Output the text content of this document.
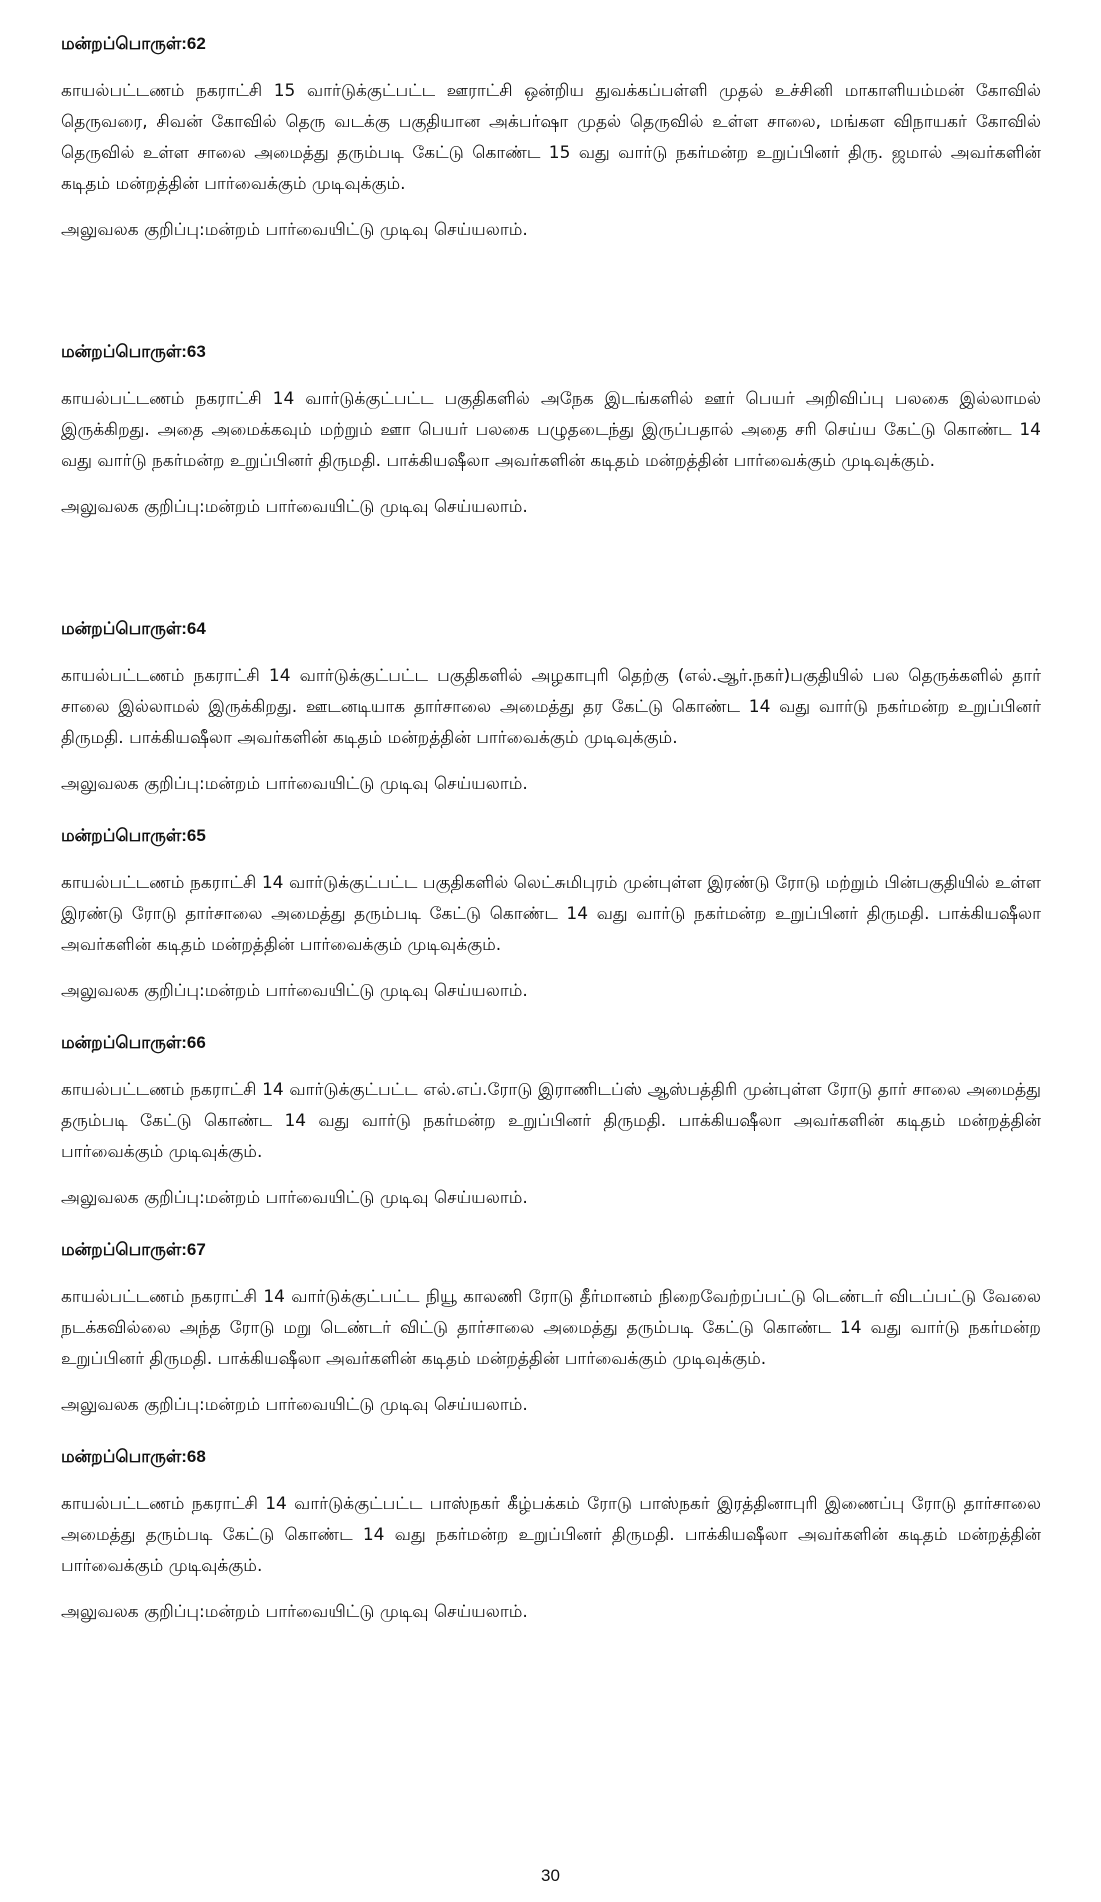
மன்றப்பொருள்:62

காயல்பட்டணம் நகராட்சி 15 வார்டுக்குட்பட்ட ஊராட்சி ஒன்றிய துவக்கப்பள்ளி முதல் உச்சினி மாகாளியம்மன் கோவில் தெருவரை, சிவன் கோவில் தெரு வடக்கு பகுதியான அக்பர்ஷா முதல் தெருவில் உள்ள சாலை, மங்கள விநாயகர் கோவில் தெருவில் உள்ள சாலை அமைத்து தரும்படி கேட்டு கொண்ட 15 வது வார்டு நகர்மன்ற உறுப்பினர் திரு. ஜமால் அவர்களின் கடிதம் மன்றத்தின் பார்வைக்கும் முடிவுக்கும்.

அலுவலக குறிப்பு:மன்றம் பார்வையிட்டு முடிவு செய்யலாம்.

மன்றப்பொருள்:63

காயல்பட்டணம் நகராட்சி 14 வார்டுக்குட்பட்ட பகுதிகளில் அநேக இடங்களில் ஊர் பெயர் அறிவிப்பு பலகை இல்லாமல் இருக்கிறது. அதை அமைக்கவும் மற்றும் ஊா பெயர் பலகை பழுதடைந்து இருப்பதால் அதை சரி செய்ய கேட்டு கொண்ட 14 வது வார்டு நகர்மன்ற உறுப்பினர் திருமதி. பாக்கியஷீலா அவர்களின் கடிதம் மன்றத்தின் பார்வைக்கும் முடிவுக்கும்.

அலுவலக குறிப்பு:மன்றம் பார்வையிட்டு முடிவு செய்யலாம்.

மன்றப்பொருள்:64

காயல்பட்டணம் நகராட்சி 14 வார்டுக்குட்பட்ட பகுதிகளில் அழகாபுரி தெற்கு (எல்.ஆர்.நகர்)பகுதியில் பல தெருக்களில் தார் சாலை இல்லாமல் இருக்கிறது. ஊடனடியாக தார்சாலை அமைத்து தர கேட்டு கொண்ட 14 வது வார்டு நகர்மன்ற உறுப்பினர் திருமதி. பாக்கியஷீலா அவர்களின் கடிதம் மன்றத்தின் பார்வைக்கும் முடிவுக்கும்.

அலுவலக குறிப்பு:மன்றம் பார்வையிட்டு முடிவு செய்யலாம்.

மன்றப்பொருள்:65

காயல்பட்டணம் நகராட்சி 14 வார்டுக்குட்பட்ட பகுதிகளில் லெட்சுமிபுரம் முன்புள்ள இரண்டு ரோடு மற்றும் பின்பகுதியில் உள்ள இரண்டு ரோடு தார்சாலை அமைத்து தரும்படி கேட்டு கொண்ட 14 வது வார்டு நகர்மன்ற உறுப்பினர் திருமதி. பாக்கியஷீலா அவர்களின் கடிதம் மன்றத்தின் பார்வைக்கும் முடிவுக்கும்.

அலுவலக குறிப்பு:மன்றம் பார்வையிட்டு முடிவு செய்யலாம்.

மன்றப்பொருள்:66

காயல்பட்டணம் நகராட்சி 14 வார்டுக்குட்பட்ட எல்.எப்.ரோடு இராணிடப்ஸ் ஆஸ்பத்திரி முன்புள்ள ரோடு தார் சாலை அமைத்து தரும்படி கேட்டு கொண்ட 14 வது வார்டு நகர்மன்ற உறுப்பினர் திருமதி. பாக்கியஷீலா அவர்களின் கடிதம் மன்றத்தின் பார்வைக்கும் முடிவுக்கும்.

அலுவலக குறிப்பு:மன்றம் பார்வையிட்டு முடிவு செய்யலாம்.

மன்றப்பொருள்:67

காயல்பட்டணம் நகராட்சி 14 வார்டுக்குட்பட்ட நியூ காலணி ரோடு தீர்மானம் நிறைவேற்றப்பட்டு டெண்டர் விடப்பட்டு வேலை நடக்கவில்லை அந்த ரோடு மறு டெண்டர் விட்டு தார்சாலை அமைத்து தரும்படி கேட்டு கொண்ட 14 வது வார்டு நகர்மன்ற உறுப்பினர் திருமதி. பாக்கியஷீலா அவர்களின் கடிதம் மன்றத்தின் பார்வைக்கும் முடிவுக்கும்.

அலுவலக குறிப்பு:மன்றம் பார்வையிட்டு முடிவு செய்யலாம்.

மன்றப்பொருள்:68

காயல்பட்டணம் நகராட்சி 14 வார்டுக்குட்பட்ட பாஸ்நகர் கீழ்பக்கம் ரோடு பாஸ்நகர் இரத்தினாபுரி இணைப்பு ரோடு தார்சாலை அமைத்து தரும்படி கேட்டு கொண்ட 14 வது நகர்மன்ற உறுப்பினர் திருமதி. பாக்கியஷீலா அவர்களின் கடிதம் மன்றத்தின் பார்வைக்கும் முடிவுக்கும்.

அலுவலக குறிப்பு:மன்றம் பார்வையிட்டு முடிவு செய்யலாம்.

30
